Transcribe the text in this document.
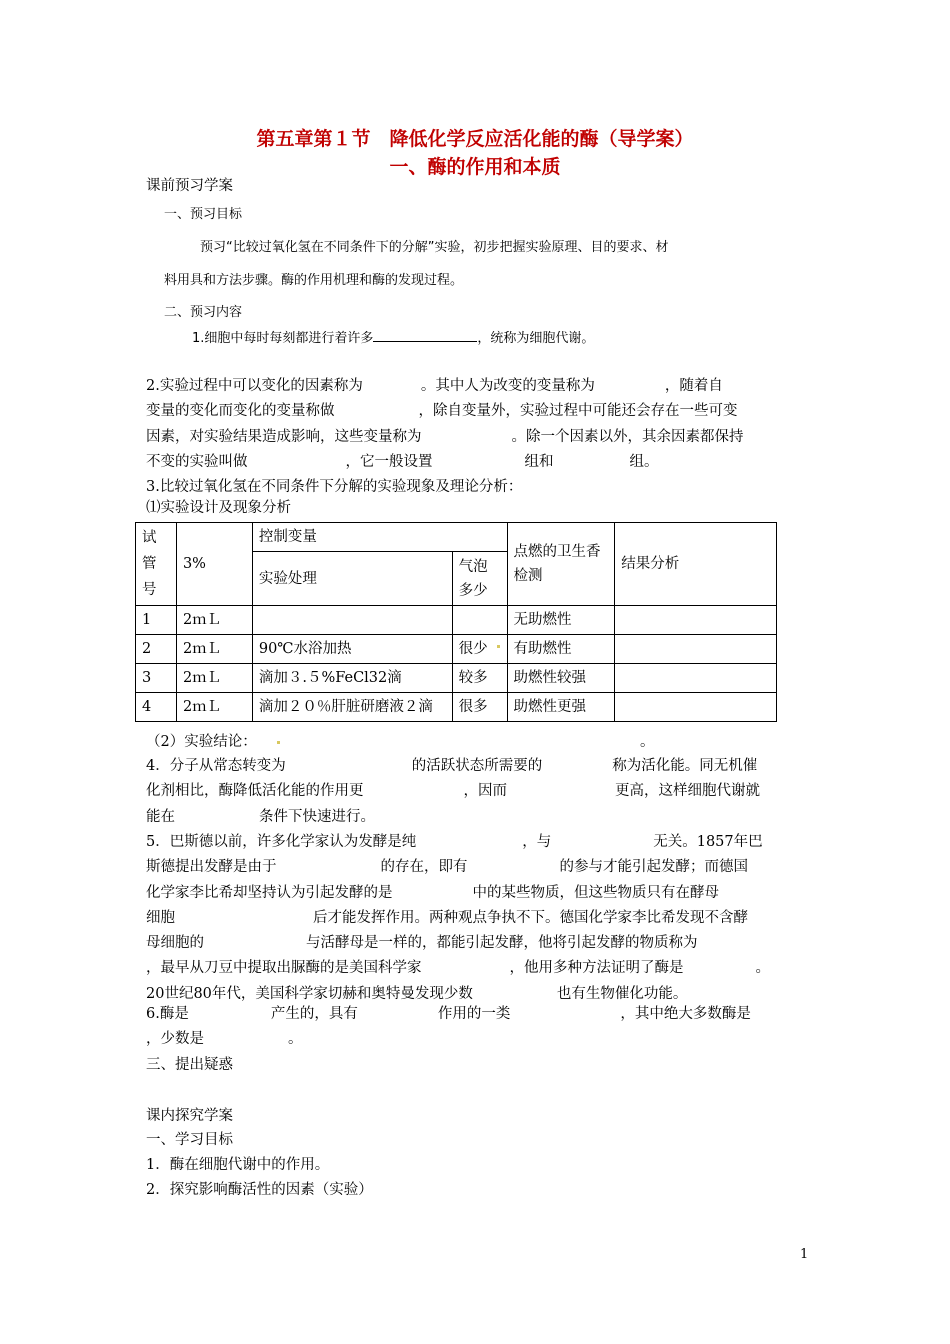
第五章第１节　降低化学反应活化能的酶（导学案）
一、酶的作用和本质
课前预习学案
一、预习目标
预习“比较过氧化氢在不同条件下的分解”实验，初步把握实验原理、目的要求、材
料用具和方法步骤。酶的作用机理和酶的发现过程。
二、预习内容
1.细胞中每时每刻都进行着许多	，统称为细胞代谢。
2.实验过程中可以变化的因素称为	。其中人为改变的变量称为	，随着自
变量的变化而变化的变量称做	，除自变量外，实验过程中可能还会存在一些可变
因素，对实验结果造成影响，这些变量称为	。除一个因素以外，其余因素都保持
不变的实验叫做	，它一般设置	组和	组。
3.比较过氧化氢在不同条件下分解的实验现象及理论分析：
⑴实验设计及现象分析
试
管
号	3%	控制变量		点燃的卫生香检测	结果分析
		实验处理	气泡多少		
1	2ｍＬ			无助燃性	
2	2ｍＬ	90℃水浴加热	很少	有助燃性	
3	2ｍＬ	滴加３.５%FeCl32滴	较多	助燃性较强	
4	2ｍＬ	滴加２０％肝脏研磨液２滴	很多	助燃性更强	
（2）实验结论：	。
4．分子从常态转变为	的活跃状态所需要的	称为活化能。同无机催
化剂相比，酶降低活化能的作用更	，因而	更高，这样细胞代谢就
能在	条件下快速进行。
5．巴斯德以前，许多化学家认为发酵是纯	，与	无关。1857年巴
斯德提出发酵是由于	的存在，即有	的参与才能引起发酵；而德国
化学家李比希却坚持认为引起发酵的是	中的某些物质，但这些物质只有在酵母
细胞	后才能发挥作用。两种观点争执不下。德国化学家李比希发现不含酵
母细胞的	与活酵母是一样的，都能引起发酵，他将引起发酵的物质称为
，最早从刀豆中提取出脲酶的是美国科学家	，他用多种方法证明了酶是	。
20世纪80年代，美国科学家切赫和奥特曼发现少数	也有生物催化功能。
6.酶是	产生的，具有	作用的一类	，其中绝大多数酶是
，少数是	。
三、提出疑惑
课内探究学案
一、学习目标
1．酶在细胞代谢中的作用。
2．探究影响酶活性的因素（实验）
1
